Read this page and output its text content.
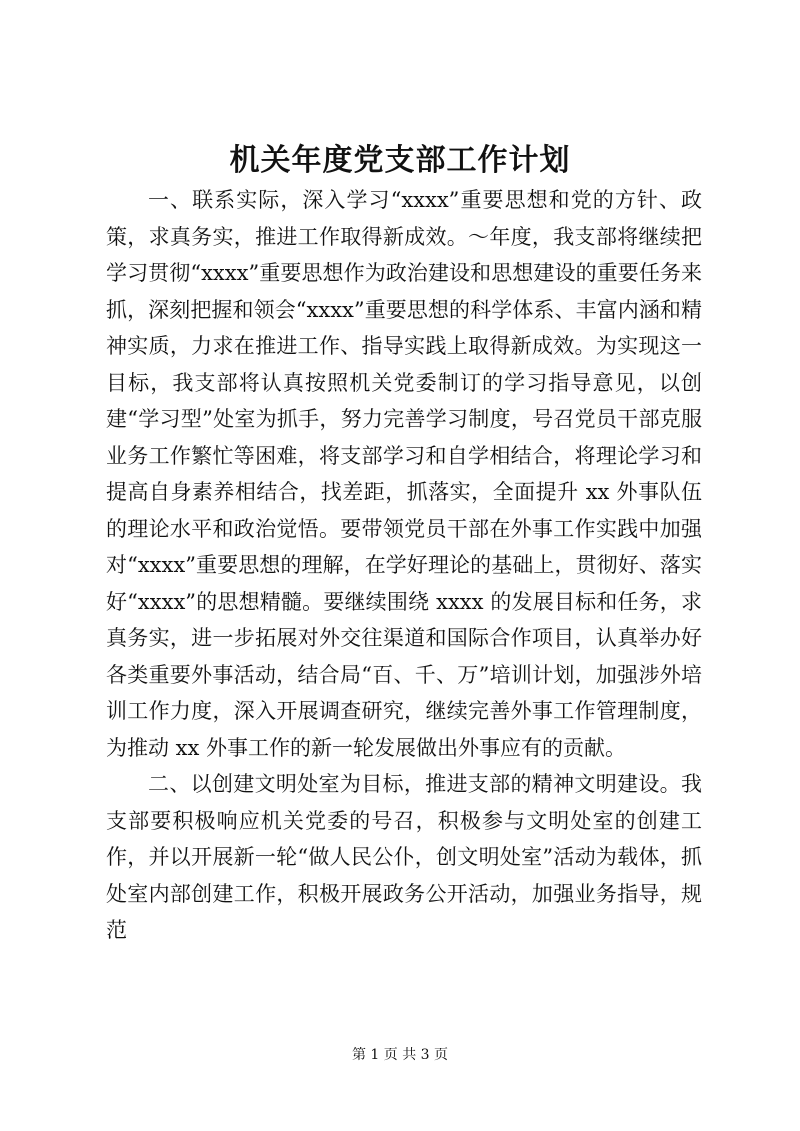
机关年度党支部工作计划

一、联系实际，深入学习“xxxx”重要思想和党的方针、政策，求真务实，推进工作取得新成效。～年度，我支部将继续把学习贯彻“xxxx”重要思想作为政治建设和思想建设的重要任务来抓，深刻把握和领会“xxxx”重要思想的科学体系、丰富内涵和精神实质，力求在推进工作、指导实践上取得新成效。为实现这一目标，我支部将认真按照机关党委制订的学习指导意见，以创建“学习型”处室为抓手，努力完善学习制度，号召党员干部克服业务工作繁忙等困难，将支部学习和自学相结合，将理论学习和提高自身素养相结合，找差距，抓落实，全面提升 xx 外事队伍的理论水平和政治觉悟。要带领党员干部在外事工作实践中加强对“xxxx”重要思想的理解，在学好理论的基础上，贯彻好、落实好“xxxx”的思想精髓。要继续围绕 xxxx 的发展目标和任务，求真务实，进一步拓展对外交往渠道和国际合作项目，认真举办好各类重要外事活动，结合局“百、千、万”培训计划，加强涉外培训工作力度，深入开展调查研究，继续完善外事工作管理制度，为推动 xx 外事工作的新一轮发展做出外事应有的贡献。

二、以创建文明处室为目标，推进支部的精神文明建设。我支部要积极响应机关党委的号召，积极参与文明处室的创建工作，并以开展新一轮“做人民公仆，创文明处室”活动为载体，抓处室内部创建工作，积极开展政务公开活动，加强业务指导，规范

第 1 页 共 3 页
